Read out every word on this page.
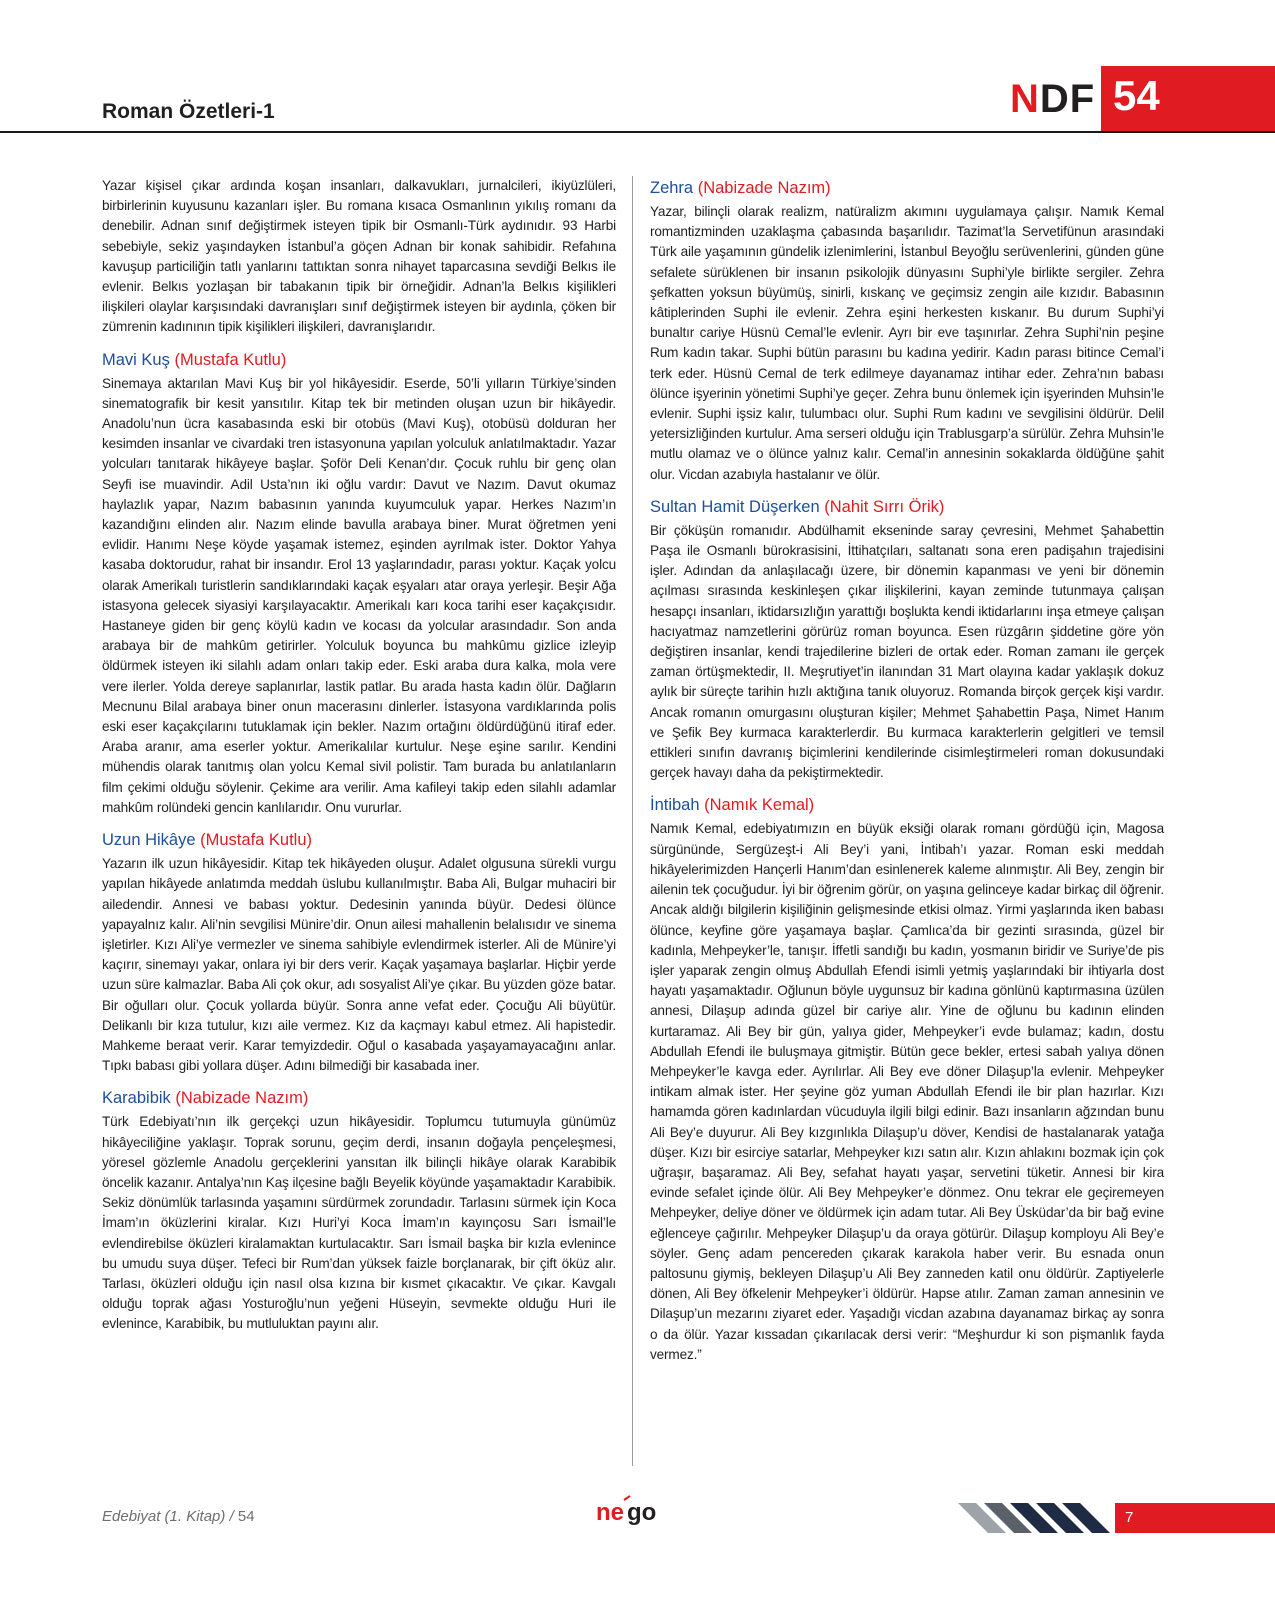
Roman Özetleri-1	NDF 54
Yazar kişisel çıkar ardında koşan insanları, dalkavukları, jurnalcileri, ikiyüzlüleri, birbirlerinin kuyusunu kazanları işler. Bu romana kısaca Osmanlının yıkılış romanı da denebilir. Adnan sınıf değiştirmek isteyen tipik bir Osmanlı-Türk aydınıdır. 93 Harbi sebebiyle, sekiz yaşındayken İstanbul’a göçen Adnan bir konak sahibidir. Refahına kavuşup particiliğin tatlı yanlarını tattıktan sonra nihayet taparcasına sevdiği Belkıs ile evlenir. Belkıs yozlaşan bir tabakanın tipik bir örneğidir. Adnan’la Belkıs kişilikleri ilişkileri olaylar karşısındaki davranışları sınıf değiştirmek isteyen bir aydınla, çöken bir zümrenin kadınının tipik kişilikleri ilişkileri, davranışlarıdır.
Mavi Kuş (Mustafa Kutlu)
Sinemaya aktarılan Mavi Kuş bir yol hikâyesidir. Eserde, 50’li yılların Türkiye’sinden sinematografik bir kesit yansıtılır. Kitap tek bir metinden oluşan uzun bir hikâyedir. Anadolu’nun ücra kasabasında eski bir otobüs (Mavi Kuş), otobüsü dolduran her kesimden insanlar ve civardaki tren istasyonuna yapılan yolculuk anlatılmaktadır. Yazar yolcuları tanıtarak hikâyeye başlar. Şoför Deli Kenan’dır. Çocuk ruhlu bir genç olan Seyfi ise muavindir. Adil Usta’nın iki oğlu vardır: Davut ve Nazım. Davut okumaz haylazlık yapar, Nazım babasının yanında kuyumculuk yapar. Herkes Nazım’ın kazandığını elinden alır. Nazım elinde bavulla arabaya biner. Murat öğretmen yeni evlidir. Hanımı Neşe köyde yaşamak istemez, eşinden ayrılmak ister. Doktor Yahya kasaba doktorudur, rahat bir insandır. Erol 13 yaşlarındadır, parası yoktur. Kaçak yolcu olarak Amerikalı turistlerin sandıklarındaki kaçak eşyaları atar oraya yerleşir. Beşir Ağa istasyona gelecek siyasiyi karşılayacaktır. Amerikalı karı koca tarihi eser kaçakçısıdır. Hastaneye giden bir genç köylü kadın ve kocası da yolcular arasındadır. Son anda arabaya bir de mahkûm getirirler. Yolculuk boyunca bu mahkûmu gizlice izleyip öldürmek isteyen iki silahlı adam onları takip eder. Eski araba dura kalka, mola vere vere ilerler. Yolda dereye saplanırlar, lastik patlar. Bu arada hasta kadın ölür. Dağların Mecnunu Bilal arabaya biner onun macerasını dinlerler. İstasyona vardıklarında polis eski eser kaçakçılarını tutuklamak için bekler. Nazım ortağını öldürdüğünü itiraf eder. Araba aranır, ama eserler yoktur. Amerikalılar kurtulur. Neşe eşine sarılır. Kendini mühendis olarak tanıtmış olan yolcu Kemal sivil polistir. Tam burada bu anlatılanların film çekimi olduğu söylenir. Çekime ara verilir. Ama kafileyi takip eden silahlı adamlar mahkûm rolündeki gencin kanlılarıdır. Onu vururlar.
Uzun Hikâye (Mustafa Kutlu)
Yazarın ilk uzun hikâyesidir. Kitap tek hikâyeden oluşur. Adalet olgusuna sürekli vurgu yapılan hikâyede anlatımda meddah üslubu kullanılmıştır. Baba Ali, Bulgar muhaciri bir ailedendir. Annesi ve babası yoktur. Dedesinin yanında büyür. Dedesi ölünce yapayalnız kalır. Ali’nin sevgilisi Münire’dir. Onun ailesi mahallenin belalısıdır ve sinema işletirler. Kızı Ali’ye vermezler ve sinema sahibiyle evlendirmek isterler. Ali de Münire’yi kaçırır, sinemayı yakar, onlara iyi bir ders verir. Kaçak yaşamaya başlarlar. Hiçbir yerde uzun süre kalmazlar. Baba Ali çok okur, adı sosyalist Ali’ye çıkar. Bu yüzden göze batar. Bir oğulları olur. Çocuk yollarda büyür. Sonra anne vefat eder. Çocuğu Ali büyütür. Delikanlı bir kıza tutulur, kızı aile vermez. Kız da kaçmayı kabul etmez. Ali hapistedir. Mahkeme beraat verir. Karar temyizdedir. Oğul o kasabada yaşayamayacağını anlar. Tıpkı babası gibi yollara düşer. Adını bilmediği bir kasabada iner.
Karabibik (Nabizade Nazım)
Türk Edebiyatı’nın ilk gerçekçi uzun hikâyesidir. Toplumcu tutumuyla günümüz hikâyeciliğine yaklaşır. Toprak sorunu, geçim derdi, insanın doğayla pençeleşmesi, yöresel gözlemle Anadolu gerçeklerini yansıtan ilk bilinçli hikâye olarak Karabibik öncelik kazanır. Antalya’nın Kaş ilçesine bağlı Beyelik köyünde yaşamaktadır Karabibik. Sekiz dönümlük tarlasında yaşamını sürdürmek zorundadır. Tarlasını sürmek için Koca İmam’ın öküzlerini kiralar. Kızı Huri’yi Koca İmam’ın kayınçosu Sarı İsmail’le evlendirebilse öküzleri kiralamaktan kurtulacaktır. Sarı İsmail başka bir kızla evlenince bu umudu suya düşer. Tefeci bir Rum’dan yüksek faizle borçlanarak, bir çift öküz alır. Tarlası, öküzleri olduğu için nasıl olsa kızına bir kısmet çıkacaktır. Ve çıkar. Kavgalı olduğu toprak ağası Yosturoğlu’nun yeğeni Hüseyin, sevmekte olduğu Huri ile evlenince, Karabibik, bu mutluluktan payını alır.
Zehra (Nabizade Nazım)
Yazar, bilinçli olarak realizm, natüralizm akımını uygulamaya çalışır. Namık Kemal romantizminden uzaklaşma çabasında başarılıdır. Tazimat’la Servetifünun arasındaki Türk aile yaşamının gündelik izlenimlerini, İstanbul Beyoğlu serüvenlerini, günden güne sefalete sürüklenen bir insanın psikolojik dünyasını Suphi’yle birlikte sergiler. Zehra şefkatten yoksun büyümüş, sinirli, kıskanç ve geçimsiz zengin aile kızıdır. Babasının kâtiplerinden Suphi ile evlenir. Zehra eşini herkesten kıskanır. Bu durum Suphi’yi bunaltır cariye Hüsnü Cemal’le evlenir. Ayrı bir eve taşınırlar. Zehra Suphi’nin peşine Rum kadın takar. Suphi bütün parasını bu kadına yedirir. Kadın parası bitince Cemal’i terk eder. Hüsnü Cemal de terk edilmeye dayanamaz intihar eder. Zehra’nın babası ölünce işyerinin yönetimi Suphi’ye geçer. Zehra bunu önlemek için işyerinden Muhsin’le evlenir. Suphi işsiz kalır, tulumbacı olur. Suphi Rum kadını ve sevgilisini öldürür. Delil yetersizliğinden kurtulur. Ama serseri olduğu için Trablusgarp’a sürülür. Zehra Muhsin’le mutlu olamaz ve o ölünce yalnız kalır. Cemal’in annesinin sokaklarda öldüğüne şahit olur. Vicdan azabıyla hastalanır ve ölür.
Sultan Hamit Düşerken (Nahit Sırrı Örik)
Bir çöküşün romanıdır. Abdülhamit ekseninde saray çevresini, Mehmet Şahabettin Paşa ile Osmanlı bürokrasisini, İttihatçıları, saltanatı sona eren padişahın trajedisini işler. Adından da anlaşılacağı üzere, bir dönemin kapanması ve yeni bir dönemin açılması sırasında keskinleşen çıkar ilişkilerini, kayan zeminde tutunmaya çalışan hesapçı insanları, iktidarsızlığın yarattığı boşlukta kendi iktidarlarını inşa etmeye çalışan hacıyatmaz namzetlerini görürüz roman boyunca. Esen rüzgârın şiddetine göre yön değiştiren insanlar, kendi trajedilerine bizleri de ortak eder. Roman zamanı ile gerçek zaman örtüşmektedir, II. Meşrutiyet’in ilanından 31 Mart olayına kadar yaklaşık dokuz aylık bir süreçte tarihin hızlı aktığına tanık oluyoruz. Romanda birçok gerçek kişi vardır. Ancak romanın omurgasını oluşturan kişiler; Mehmet Şahabettin Paşa, Nimet Hanım ve Şefik Bey kurmaca karakterlerdir. Bu kurmaca karakterlerin gelgitleri ve temsil ettikleri sınıfın davranış biçimlerini kendilerinde cisimleştirmeleri roman dokusundaki gerçek havayı daha da pekiştirmektedir.
İntibah (Namık Kemal)
Namık Kemal, edebiyatımızın en büyük eksiği olarak romanı gördüğü için, Magosa sürgününde, Sergüzeşt-i Ali Bey’i yani, İntibah’ı yazar. Roman eski meddah hikâyelerimizden Hançerli Hanım’dan esinlenerek kaleme alınmıştır. Ali Bey, zengin bir ailenin tek çocuğudur. İyi bir öğrenim görür, on yaşına gelinceye kadar birkaç dil öğrenir. Ancak aldığı bilgilerin kişiliğinin gelişmesinde etkisi olmaz. Yirmi yaşlarında iken babası ölünce, keyfine göre yaşamaya başlar. Çamlıca’da bir gezinti sırasında, güzel bir kadınla, Mehpeyker’le, tanışır. İffetli sandığı bu kadın, yosmanın biridir ve Suriye’de pis işler yaparak zengin olmuş Abdullah Efendi isimli yetmiş yaşlarındaki bir ihtiyarla dost hayatı yaşamaktadır. Oğlunun böyle uygunsuz bir kadına gönlünü kaptırmasına üzülen annesi, Dilaşup adında güzel bir cariye alır. Yine de oğlunu bu kadının elinden kurtaramaz. Ali Bey bir gün, yalıya gider, Mehpeyker’i evde bulamaz; kadın, dostu Abdullah Efendi ile buluşmaya gitmiştir. Bütün gece bekler, ertesi sabah yalıya dönen Mehpeyker’le kavga eder. Ayrılırlar. Ali Bey eve döner Dilaşup’la evlenir. Mehpeyker intikam almak ister. Her şeyine göz yuman Abdullah Efendi ile bir plan hazırlar. Kızı hamamda gören kadınlardan vücuduyla ilgili bilgi edinir. Bazı insanların ağzından bunu Ali Bey’e duyurur. Ali Bey kızgınlıkla Dilaşup’u döver, Kendisi de hastalanarak yatağa düşer. Kızı bir esirciye satarlar, Mehpeyker kızı satın alır. Kızın ahlakını bozmak için çok uğraşır, başaramaz. Ali Bey, sefahat hayatı yaşar, servetini tüketir. Annesi bir kira evinde sefalet içinde ölür. Ali Bey Mehpeyker’e dönmez. Onu tekrar ele geçiremeyen Mehpeyker, deliye döner ve öldürmek için adam tutar. Ali Bey Üsküdar’da bir bağ evine eğlenceye çağırılır. Mehpeyker Dilaşup’u da oraya götürür. Dilaşup komployu Ali Bey’e söyler. Genç adam pencereden çıkarak karakola haber verir. Bu esnada onun paltosunu giymiş, bekleyen Dilaşup’u Ali Bey zanneden katil onu öldürür. Zaptiyelerle dönen, Ali Bey öfkelenir Mehpeyker’i öldürür. Hapse atılır. Zaman zaman annesinin ve Dilaşup’un mezarını ziyaret eder. Yaşadığı vicdan azabına dayanamaz birkaç ay sonra o da ölür. Yazar kıssadan çıkarılacak dersi verir: “Meşhurdur ki son pişmanlık fayda vermez.”
Edebiyat (1. Kitap) / 54	ne go	7
